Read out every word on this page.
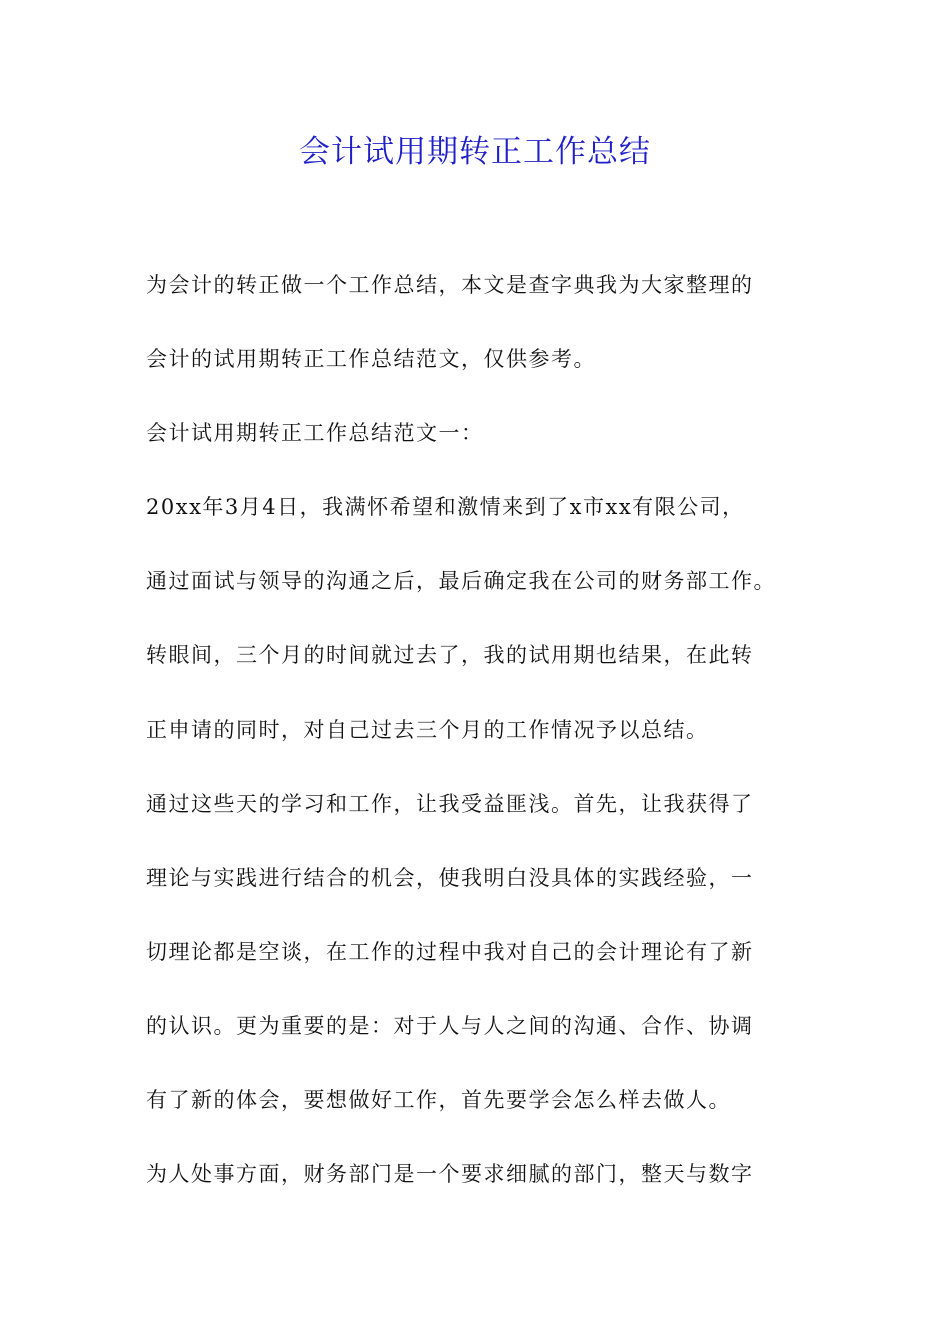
会计试用期转正工作总结
为会计的转正做一个工作总结，本文是查字典我为大家整理的
会计的试用期转正工作总结范文，仅供参考。
会计试用期转正工作总结范文一：
20xx年3月4日，我满怀希望和激情来到了x市xx有限公司，
通过面试与领导的沟通之后，最后确定我在公司的财务部工作。
转眼间，三个月的时间就过去了，我的试用期也结果，在此转
正申请的同时，对自己过去三个月的工作情况予以总结。
通过这些天的学习和工作，让我受益匪浅。首先，让我获得了
理论与实践进行结合的机会，使我明白没具体的实践经验，一
切理论都是空谈，在工作的过程中我对自己的会计理论有了新
的认识。更为重要的是：对于人与人之间的沟通、合作、协调
有了新的体会，要想做好工作，首先要学会怎么样去做人。
为人处事方面，财务部门是一个要求细腻的部门，整天与数字
